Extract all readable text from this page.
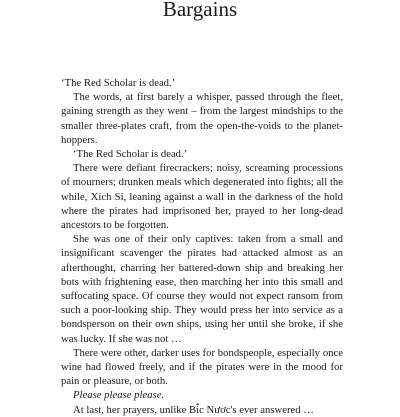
Bargains

‘The Red Scholar is dead.’

The words, at first barely a whisper, passed through the fleet, gaining strength as they went – from the largest mindships to the smaller three-plates craft, from the open-the-voids to the planet-hoppers.

‘The Red Scholar is dead.’

There were defiant firecrackers; noisy, screaming processions of mourners; drunken meals which degenerated into fights; all the while, Xích Si, leaning against a wall in the darkness of the hold where the pirates had imprisoned her, prayed to her long-dead ancestors to be forgotten.

She was one of their only captives: taken from a small and insignificant scavenger the pirates had attacked almost as an afterthought, charring her battered-down ship and breaking her bots with frightening ease, then marching her into this small and suffocating space. Of course they would not expect ransom from such a poor-looking ship. They would press her into service as a bondsperson on their own ships, using her until she broke, if she was lucky. If she was not …

There were other, darker uses for bondspeople, especially once wine had flowed freely, and if the pirates were in the mood for pain or pleasure, or both.

Please please please.

At last, her prayers, unlike Bi̇̂c Nươc's ever answered …
